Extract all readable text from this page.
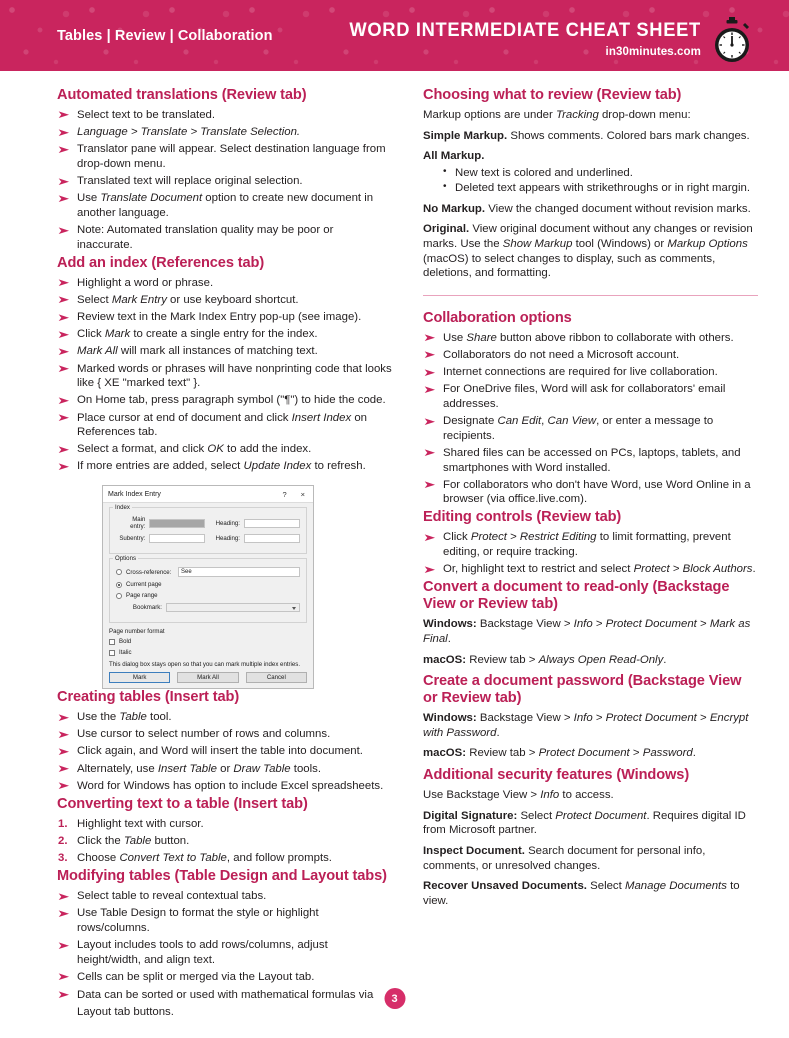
Tables | Review | Collaboration	WORD INTERMEDIATE CHEAT SHEET
in30minutes.com
Automated translations (Review tab)
➤ Select text to be translated.
➤ Language > Translate > Translate Selection.
➤ Translator pane will appear. Select destination language from drop-down menu.
➤ Translated text will replace original selection.
➤ Use Translate Document option to create new document in another language.
➤ Note: Automated translation quality may be poor or inaccurate.
Add an index (References tab)
➤ Highlight a word or phrase.
➤ Select Mark Entry or use keyboard shortcut.
➤ Review text in the Mark Index Entry pop-up (see image).
➤ Click Mark to create a single entry for the index.
➤ Mark All will mark all instances of matching text.
➤ Marked words or phrases will have nonprinting code that looks like { XE "marked text" }.
➤ On Home tab, press paragraph symbol ("¶") to hide the code.
➤ Place cursor at end of document and click Insert Index on References tab.
➤ Select a format, and click OK to add the index.
➤ If more entries are added, select Update Index to refresh.
Mark Index Entry	? ×
Index
Main entry:	Heading:
Subentry:	Heading:
Options
Cross-reference:	See
Current page
Page range
Bookmark:
Page number format
Bold
Italic
This dialog box stays open so that you can mark multiple index entries.
Mark	Mark All	Cancel
Creating tables (Insert tab)
➤ Use the Table tool.
➤ Use cursor to select number of rows and columns.
➤ Click again, and Word will insert the table into document.
➤ Alternately, use Insert Table or Draw Table tools.
➤ Word for Windows has option to include Excel spreadsheets.
Converting text to a table (Insert tab)
Highlight text with cursor.
Click the Table button.
Choose Convert Text to Table, and follow prompts.
Modifying tables (Table Design and Layout tabs)
➤ Select table to reveal contextual tabs.
➤ Use Table Design to format the style or highlight rows/columns.
➤ Layout includes tools to add rows/columns, adjust height/width, and align text.
➤ Cells can be split or merged via the Layout tab.
➤ Data can be sorted or used with mathematical formulas via Layout tab buttons.
Choosing what to review (Review tab)

Markup options are under Tracking drop-down menu:

Simple Markup. Shows comments. Colored bars mark changes.

All Markup.

• New text is colored and underlined.
• Deleted text appears with strikethroughs or in right margin.

No Markup. View the changed document without revision marks.

Original. View original document without any changes or revision marks. Use the Show Markup tool (Windows) or Markup Options (macOS) to select changes to display, such as comments, deletions, and formatting.

Collaboration options
➤ Use Share button above ribbon to collaborate with others.
➤ Collaborators do not need a Microsoft account.
➤ Internet connections are required for live collaboration.
➤ For OneDrive files, Word will ask for collaborators' email addresses.
➤ Designate Can Edit, Can View, or enter a message to recipients.
➤ Shared files can be accessed on PCs, laptops, tablets, and smartphones with Word installed.
➤ For collaborators who don't have Word, use Word Online in a browser (via office.live.com).
Editing controls (Review tab)
➤ Click Protect > Restrict Editing to limit formatting, prevent editing, or require tracking.
➤ Or, highlight text to restrict and select Protect > Block Authors.
Convert a document to read-only (Backstage View or Review tab)

Windows: Backstage View > Info > Protect Document > Mark as Final.

macOS: Review tab > Always Open Read-Only.

Create a document password (Backstage View or Review tab)

Windows: Backstage View > Info > Protect Document > Encrypt with Password.

macOS: Review tab > Protect Document > Password.

Additional security features (Windows)

Use Backstage View > Info to access.

Digital Signature: Select Protect Document. Requires digital ID from Microsoft partner.

Inspect Document. Search document for personal info, comments, or unresolved changes.

Recover Unsaved Documents. Select Manage Documents to view.

3
